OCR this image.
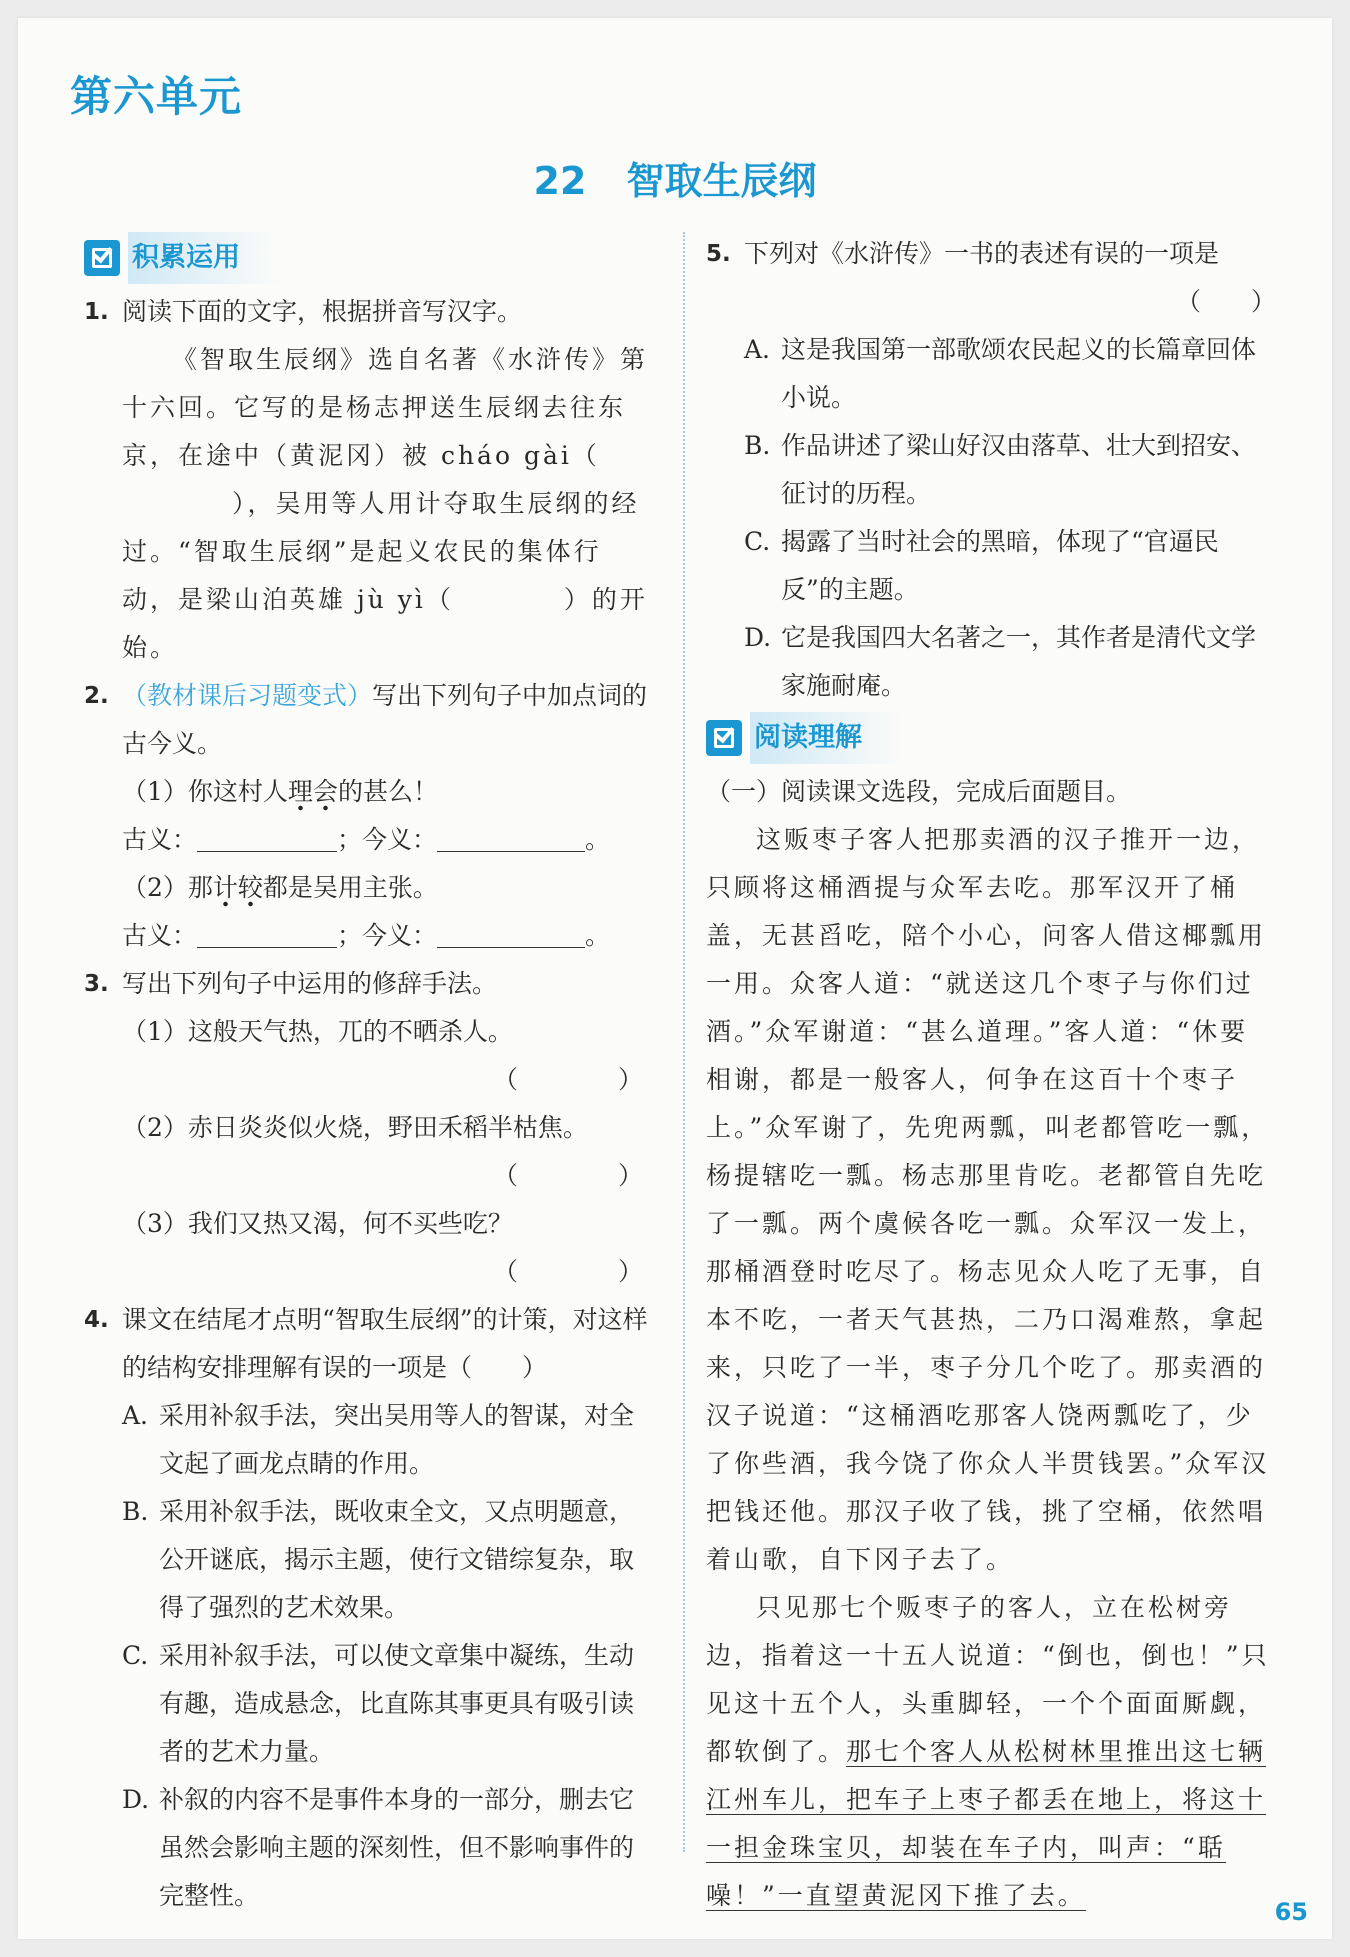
第六单元
22 智取生辰纲
积累运用
1. 阅读下面的文字，根据拼音写汉字。
《智取生辰纲》选自名著《水浒传》第十六回。它写的是杨志押送生辰纲去往东京，在途中（黄泥冈）被 cháo gài（），吴用等人用计夺取生辰纲的经过。“智取生辰纲”是起义农民的集体行动，是梁山泊英雄 jù yì（	）的开始。
2. （教材课后习题变式）写出下列句子中加点词的古今义。
（1）你这村人理会的甚么！
古义：	；今义：	。
（2）那计较都是吴用主张。
古义：	；今义：	。
3. 写出下列句子中运用的修辞手法。
（1）这般天气热，兀的不晒杀人。
（	）
（2）赤日炎炎似火烧，野田禾稻半枯焦。
（	）
（3）我们又热又渴，何不买些吃？
（	）
4. 课文在结尾才点明“智取生辰纲”的计策，对这样的结构安排理解有误的一项是（　　）
A. 采用补叙手法，突出吴用等人的智谋，对全文起了画龙点睛的作用。
B. 采用补叙手法，既收束全文，又点明题意，公开谜底，揭示主题，使行文错综复杂，取得了强烈的艺术效果。
C. 采用补叙手法，可以使文章集中凝练，生动有趣，造成悬念，比直陈其事更具有吸引读者的艺术力量。
D. 补叙的内容不是事件本身的一部分，删去它虽然会影响主题的深刻性，但不影响事件的完整性。
5. 下列对《水浒传》一书的表述有误的一项是
（　　）
A. 这是我国第一部歌颂农民起义的长篇章回体小说。
B. 作品讲述了梁山好汉由落草、壮大到招安、征讨的历程。
C. 揭露了当时社会的黑暗，体现了“官逼民反”的主题。
D. 它是我国四大名著之一，其作者是清代文学家施耐庵。
阅读理解
（一）阅读课文选段，完成后面题目。

这贩枣子客人把那卖酒的汉子推开一边，只顾将这桶酒提与众军去吃。那军汉开了桶盖，无甚舀吃，陪个小心，问客人借这椰瓢用一用。众客人道：“就送这几个枣子与你们过酒。”众军谢道：“甚么道理。”客人道：“休要相谢，都是一般客人，何争在这百十个枣子上。”众军谢了，先兜两瓢，叫老都管吃一瓢，杨提辖吃一瓢。杨志那里肯吃。老都管自先吃了一瓢。两个虞候各吃一瓢。众军汉一发上，那桶酒登时吃尽了。杨志见众人吃了无事，自本不吃，一者天气甚热，二乃口渴难熬，拿起来，只吃了一半，枣子分几个吃了。那卖酒的汉子说道：“这桶酒吃那客人饶两瓢吃了，少了你些酒，我今饶了你众人半贯钱罢。”众军汉把钱还他。那汉子收了钱，挑了空桶，依然唱着山歌，自下冈子去了。

只见那七个贩枣子的客人，立在松树旁边，指着这一十五人说道：“倒也，倒也！”只见这十五个人，头重脚轻，一个个面面厮觑，都软倒了。那七个客人从松树林里推出这七辆江州车儿，把车子上枣子都丢在地上，将这十一担金珠宝贝，却装在车子内，叫声：“聒噪！”一直望黄泥冈下推了去。

65
